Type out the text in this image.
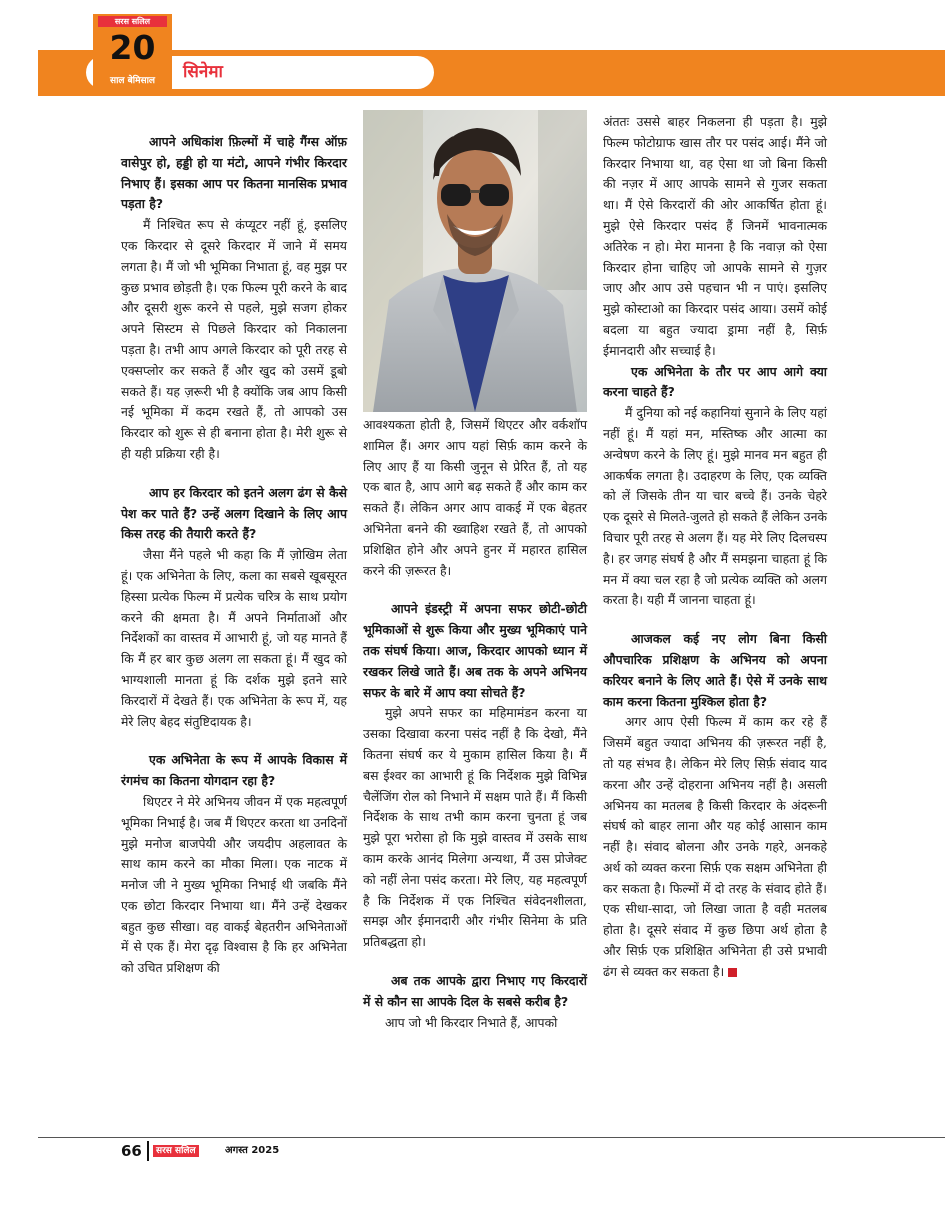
सिनेमा
सरस सलिल
20
साल बेमिसाल

आपने अधिकांश फ़िल्मों में चाहे गैंग्स ऑफ़ वासेपुर हो, हड्डी हो या मंटो, आपने गंभीर किरदार निभाए हैं। इसका आप पर कितना मानसिक प्रभाव पड़ता है?

मैं निश्चित रूप से कंप्यूटर नहीं हूं, इसलिए एक किरदार से दूसरे किरदार में जाने में समय लगता है। मैं जो भी भूमिका निभाता हूं, वह मुझ पर कुछ प्रभाव छोड़ती है। एक फिल्म पूरी करने के बाद और दूसरी शुरू करने से पहले, मुझे सजग होकर अपने सिस्टम से पिछले किरदार को निकालना पड़ता है। तभी आप अगले किरदार को पूरी तरह से एक्सप्लोर कर सकते हैं और खुद को उसमें डूबो सकते हैं। यह ज़रूरी भी है क्योंकि जब आप किसी नई भूमिका में कदम रखते हैं, तो आपको उस किरदार को शुरू से ही बनाना होता है। मेरी शुरू से ही यही प्रक्रिया रही है।

आप हर किरदार को इतने अलग ढंग से कैसे पेश कर पाते हैं? उन्हें अलग दिखाने के लिए आप किस तरह की तैयारी करते हैं?

जैसा मैंने पहले भी कहा कि मैं ज़ोखिम लेता हूं। एक अभिनेता के लिए, कला का सबसे खूबसूरत हिस्सा प्रत्येक फिल्म में प्रत्येक चरित्र के साथ प्रयोग करने की क्षमता है। मैं अपने निर्माताओं और निर्देशकों का वास्तव में आभारी हूं, जो यह मानते हैं कि मैं हर बार कुछ अलग ला सकता हूं। मैं खुद को भाग्यशाली मानता हूं कि दर्शक मुझे इतने सारे किरदारों में देखते हैं। एक अभिनेता के रूप में, यह मेरे लिए बेहद संतुष्टिदायक है।

एक अभिनेता के रूप में आपके विकास में रंगमंच का कितना योगदान रहा है?

थिएटर ने मेरे अभिनय जीवन में एक महत्वपूर्ण भूमिका निभाई है। जब मैं थिएटर करता था उनदिनों मुझे मनोज बाजपेयी और जयदीप अहलावत के साथ काम करने का मौका मिला। एक नाटक में मनोज जी ने मुख्य भूमिका निभाई थी जबकि मैंने एक छोटा किरदार निभाया था। मैंने उन्हें देखकर बहुत कुछ सीखा। वह वाकई बेहतरीन अभिनेताओं में से एक हैं। मेरा दृढ़ विश्वास है कि हर अभिनेता को उचित प्रशिक्षण की

आवश्यकता होती है, जिसमें थिएटर और वर्कशॉप शामिल हैं। अगर आप यहां सिर्फ़ काम करने के लिए आए हैं या किसी जुनून से प्रेरित हैं, तो यह एक बात है, आप आगे बढ़ सकते हैं और काम कर सकते हैं। लेकिन अगर आप वाकई में एक बेहतर अभिनेता बनने की ख्वाहिश रखते हैं, तो आपको प्रशिक्षित होने और अपने हुनर में महारत हासिल करने की ज़रूरत है।

आपने इंडस्ट्री में अपना सफर छोटी-छोटी भूमिकाओं से शुरू किया और मुख्य भूमिकाएं पाने तक संघर्ष किया। आज, किरदार आपको ध्यान में रखकर लिखे जाते हैं। अब तक के अपने अभिनय सफर के बारे में आप क्या सोचते हैं?

मुझे अपने सफर का महिमामंडन करना या उसका दिखावा करना पसंद नहीं है कि देखो, मैंने कितना संघर्ष कर ये मुकाम हासिल किया है। मैं बस ईश्वर का आभारी हूं कि निर्देशक मुझे विभिन्न चैलेंजिंग रोल को निभाने में सक्षम पाते हैं। मैं किसी निर्देशक के साथ तभी काम करना चुनता हूं जब मुझे पूरा भरोसा हो कि मुझे वास्तव में उसके साथ काम करके आनंद मिलेगा अन्यथा, मैं उस प्रोजेक्ट को नहीं लेना पसंद करता। मेरे लिए, यह महत्वपूर्ण है कि निर्देशक में एक निश्चित संवेदनशीलता, समझ और ईमानदारी और गंभीर सिनेमा के प्रति प्रतिबद्धता हो।

अब तक आपके द्वारा निभाए गए किरदारों में से कौन सा आपके दिल के सबसे करीब है?

आप जो भी किरदार निभाते हैं, आपको

अंततः उससे बाहर निकलना ही पड़ता है। मुझे फिल्म फोटोग्राफ खास तौर पर पसंद आई। मैंने जो किरदार निभाया था, वह ऐसा था जो बिना किसी की नज़र में आए आपके सामने से गुजर सकता था। मैं ऐसे किरदारों की ओर आकर्षित होता हूं। मुझे ऐसे किरदार पसंद हैं जिनमें भावनात्मक अतिरेक न हो। मेरा मानना है कि नवाज़ को ऐसा किरदार होना चाहिए जो आपके सामने से गुज़र जाए और आप उसे पहचान भी न पाएं। इसलिए मुझे कोस्टाओ का किरदार पसंद आया। उसमें कोई बदला या बहुत ज्यादा ड्रामा नहीं है, सिर्फ़ ईमानदारी और सच्चाई है।

एक अभिनेता के तौर पर आप आगे क्या करना चाहते हैं?

मैं दुनिया को नई कहानियां सुनाने के लिए यहां नहीं हूं। मैं यहां मन, मस्तिष्क और आत्मा का अन्वेषण करने के लिए हूं। मुझे मानव मन बहुत ही आकर्षक लगता है। उदाहरण के लिए, एक व्यक्ति को लें जिसके तीन या चार बच्चे हैं। उनके चेहरे एक दूसरे से मिलते-जुलते हो सकते हैं लेकिन उनके विचार पूरी तरह से अलग हैं। यह मेरे लिए दिलचस्प है। हर जगह संघर्ष है और मैं समझना चाहता हूं कि मन में क्या चल रहा है जो प्रत्येक व्यक्ति को अलग करता है। यही मैं जानना चाहता हूं।

आजकल कई नए लोग बिना किसी औपचारिक प्रशिक्षण के अभिनय को अपना करियर बनाने के लिए आते हैं। ऐसे में उनके साथ काम करना कितना मुश्किल होता है?

अगर आप ऐसी फिल्म में काम कर रहे हैं जिसमें बहुत ज्यादा अभिनय की ज़रूरत नहीं है, तो यह संभव है। लेकिन मेरे लिए सिर्फ़ संवाद याद करना और उन्हें दोहराना अभिनय नहीं है। असली अभिनय का मतलब है किसी किरदार के अंदरूनी संघर्ष को बाहर लाना और यह कोई आसान काम नहीं है। संवाद बोलना और उनके गहरे, अनकहे अर्थ को व्यक्त करना सिर्फ़ एक सक्षम अभिनेता ही कर सकता है। फिल्मों में दो तरह के संवाद होते हैं। एक सीधा-सादा, जो लिखा जाता है वही मतलब होता है। दूसरे संवाद में कुछ छिपा अर्थ होता है और सिर्फ़ एक प्रशिक्षित अभिनेता ही उसे प्रभावी ढंग से व्यक्त कर सकता है।

66	सरस सलिल	अगस्त 2025
